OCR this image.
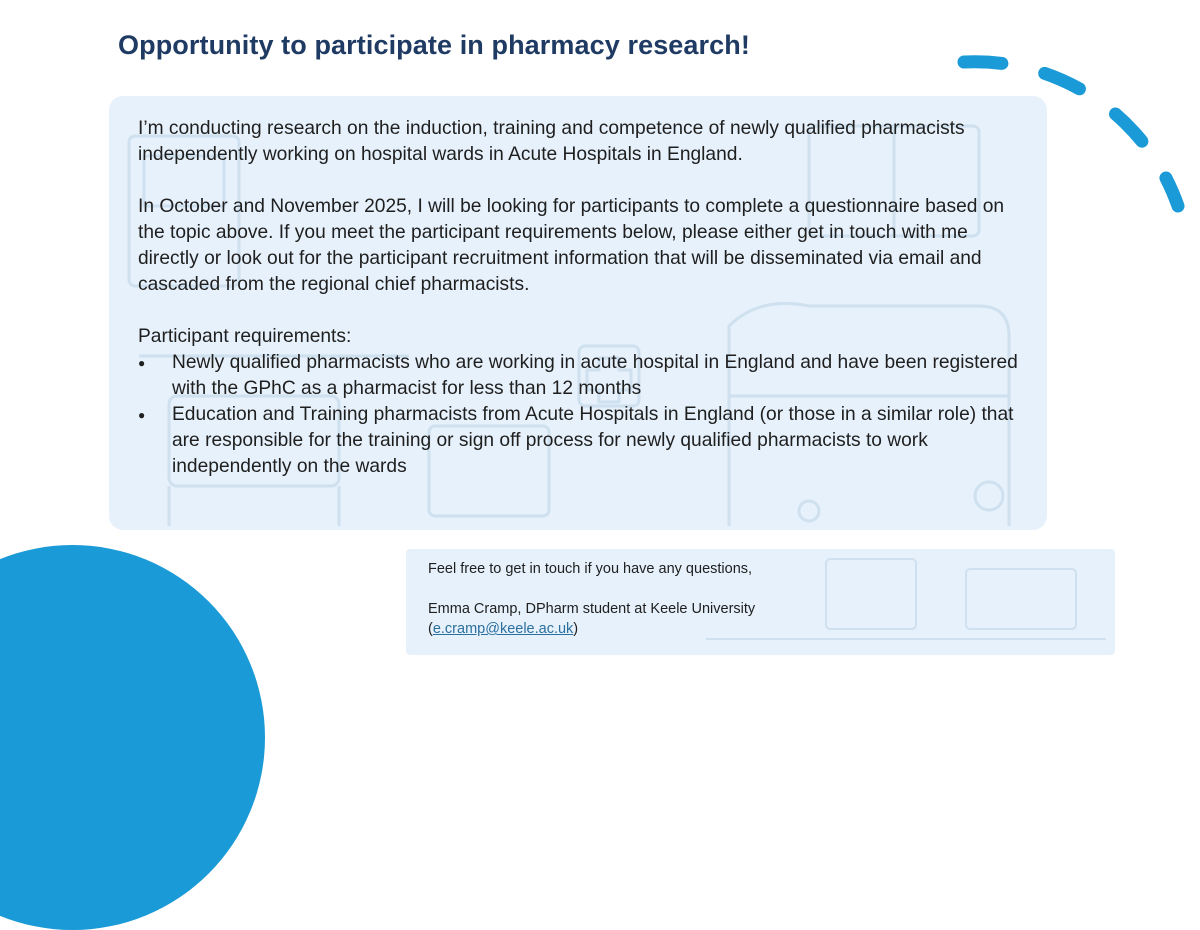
Opportunity to participate in pharmacy research!

I’m conducting research on the induction, training and competence of newly qualified pharmacists independently working on hospital wards in Acute Hospitals in England.

In October and November 2025, I will be looking for participants to complete a questionnaire based on the topic above. If you meet the participant requirements below, please either get in touch with me directly or look out for the participant recruitment information that will be disseminated via email and cascaded from the regional chief pharmacists.

Participant requirements:

● Newly qualified pharmacists who are working in acute hospital in England and have been registered with the GPhC as a pharmacist for less than 12 months
● Education and Training pharmacists from Acute Hospitals in England (or those in a similar role) that are responsible for the training or sign off process for newly qualified pharmacists to work independently on the wards

Feel free to get in touch if you have any questions,

Emma Cramp, DPharm student at Keele University

(e.cramp@keele.ac.uk)
